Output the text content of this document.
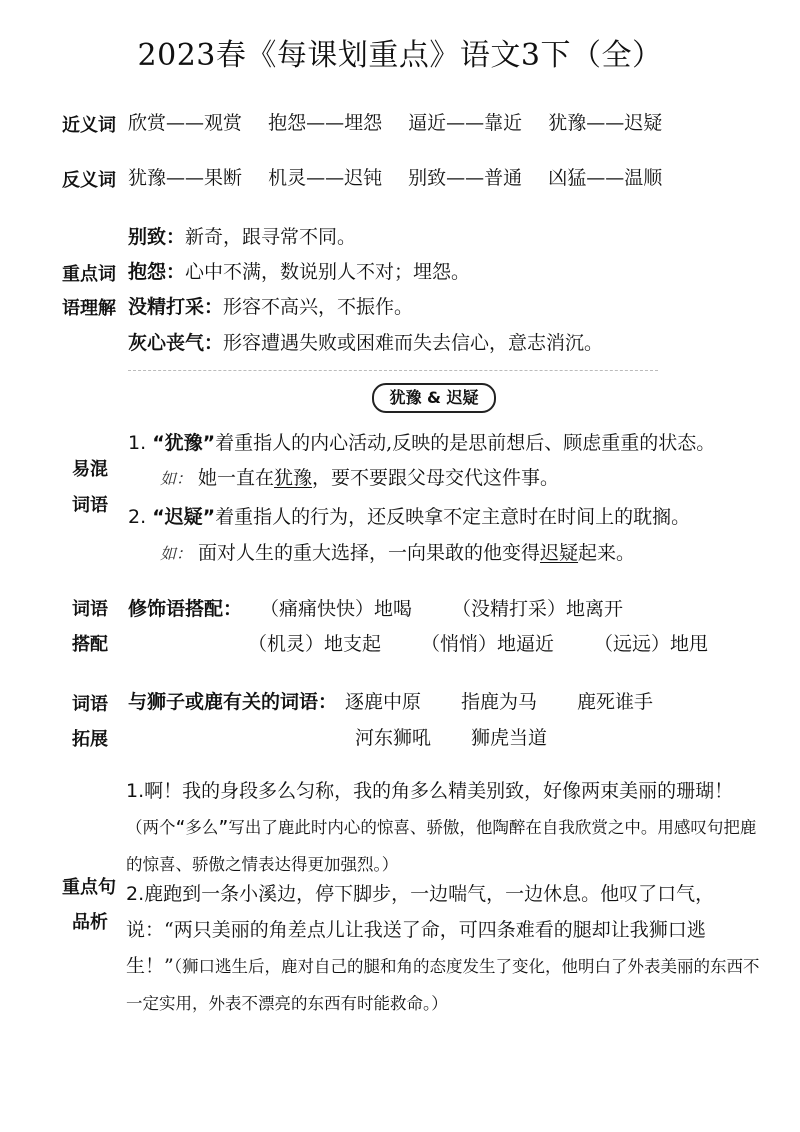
2023春《每课划重点》语文3下（全）
近义词 欣赏——观赏 抱怨——埋怨 逼近——靠近 犹豫——迟疑
反义词 犹豫——果断 机灵——迟钝 别致——普通 凶猛——温顺
重点词
语理解
别致：新奇，跟寻常不同。
抱怨：心中不满，数说别人不对；埋怨。
没精打采：形容不高兴，不振作。
灰心丧气：形容遭遇失败或困难而失去信心，意志消沉。
犹豫 & 迟疑
易混
词语
1. “犹豫”着重指人的内心活动,反映的是思前想后、顾虑重重的状态。
如： 她一直在犹豫，要不要跟父母交代这件事。
2. “迟疑”着重指人的行为，还反映拿不定主意时在时间上的耽搁。
如： 面对人生的重大选择，一向果敢的他变得迟疑起来。
词语
搭配
修饰语搭配： （痛痛快快）地喝 （没精打采）地离开
（机灵）地支起 （悄悄）地逼近 （远远）地甩
词语
拓展
与狮子或鹿有关的词语： 逐鹿中原 指鹿为马 鹿死谁手
河东狮吼 狮虎当道
重点句
品析
1.啊！我的身段多么匀称，我的角多么精美别致，好像两束美丽的珊瑚！（两个“多么”写出了鹿此时内心的惊喜、骄傲，他陶醉在自我欣赏之中。用感叹句把鹿的惊喜、骄傲之情表达得更加强烈。）
2.鹿跑到一条小溪边，停下脚步，一边喘气，一边休息。他叹了口气，说：“两只美丽的角差点儿让我送了命，可四条难看的腿却让我狮口逃生！”（狮口逃生后，鹿对自己的腿和角的态度发生了变化，他明白了外表美丽的东西不一定实用，外表不漂亮的东西有时能救命。）
